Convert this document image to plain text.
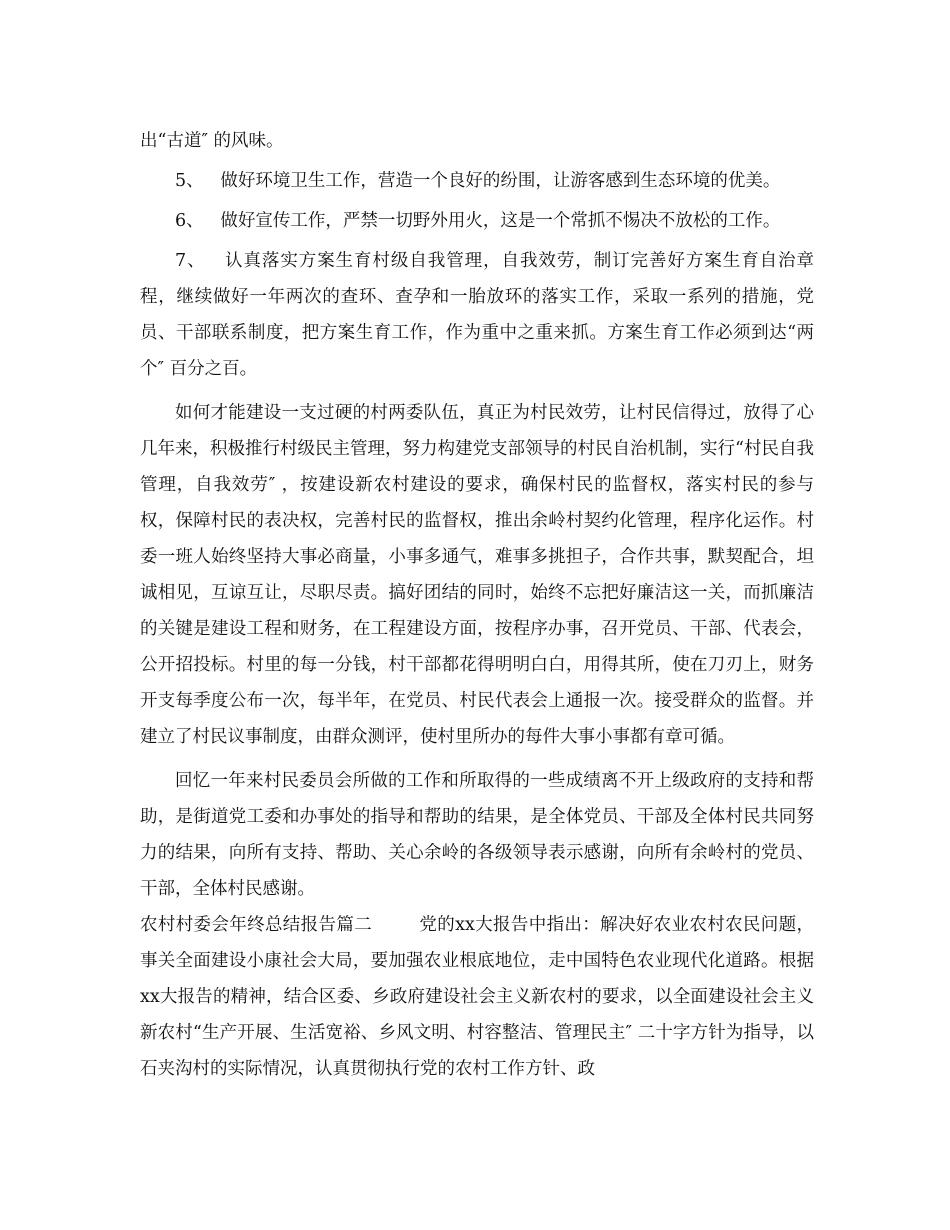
出“古道″ 的风味。

5、 做好环境卫生工作，营造一个良好的纷围，让游客感到生态环境的优美。

6、 做好宣传工作，严禁一切野外用火，这是一个常抓不惕决不放松的工作。

7、 认真落实方案生育村级自我管理，自我效劳，制订完善好方案生育自治章程，继续做好一年两次的查环、查孕和一胎放环的落实工作，采取一系列的措施，党员、干部联系制度，把方案生育工作，作为重中之重来抓。方案生育工作必须到达“两个″ 百分之百。

如何才能建设一支过硬的村两委队伍，真正为村民效劳，让村民信得过，放得了心几年来，积极推行村级民主管理，努力构建党支部领导的村民自治机制，实行“村民自我管理，自我效劳″ ，按建设新农村建设的要求，确保村民的监督权，落实村民的参与权，保障村民的表决权，完善村民的监督权，推出余岭村契约化管理，程序化运作。村委一班人始终坚持大事必商量，小事多通气，难事多挑担子，合作共事，默契配合，坦诚相见，互谅互让，尽职尽责。搞好团结的同时，始终不忘把好廉洁这一关，而抓廉洁的关键是建设工程和财务，在工程建设方面，按程序办事，召开党员、干部、代表会，公开招投标。村里的每一分钱，村干部都花得明明白白，用得其所，使在刀刃上，财务开支每季度公布一次，每半年，在党员、村民代表会上通报一次。接受群众的监督。并建立了村民议事制度，由群众测评，使村里所办的每件大事小事都有章可循。

回忆一年来村民委员会所做的工作和所取得的一些成绩离不开上级政府的支持和帮助，是街道党工委和办事处的指导和帮助的结果，是全体党员、干部及全体村民共同努力的结果，向所有支持、帮助、关心余岭的各级领导表示感谢，向所有余岭村的党员、干部，全体村民感谢。

农村村委会年终总结报告篇二	党的xx大报告中指出：解决好农业农村农民问题，事关全面建设小康社会大局，要加强农业根底地位，走中国特色农业现代化道路。根据xx大报告的精神，结合区委、乡政府建设社会主义新农村的要求，以全面建设社会主义新农村“生产开展、生活宽裕、乡风文明、村容整洁、管理民主″ 二十字方针为指导，以石夹沟村的实际情况，认真贯彻执行党的农村工作方针、政
